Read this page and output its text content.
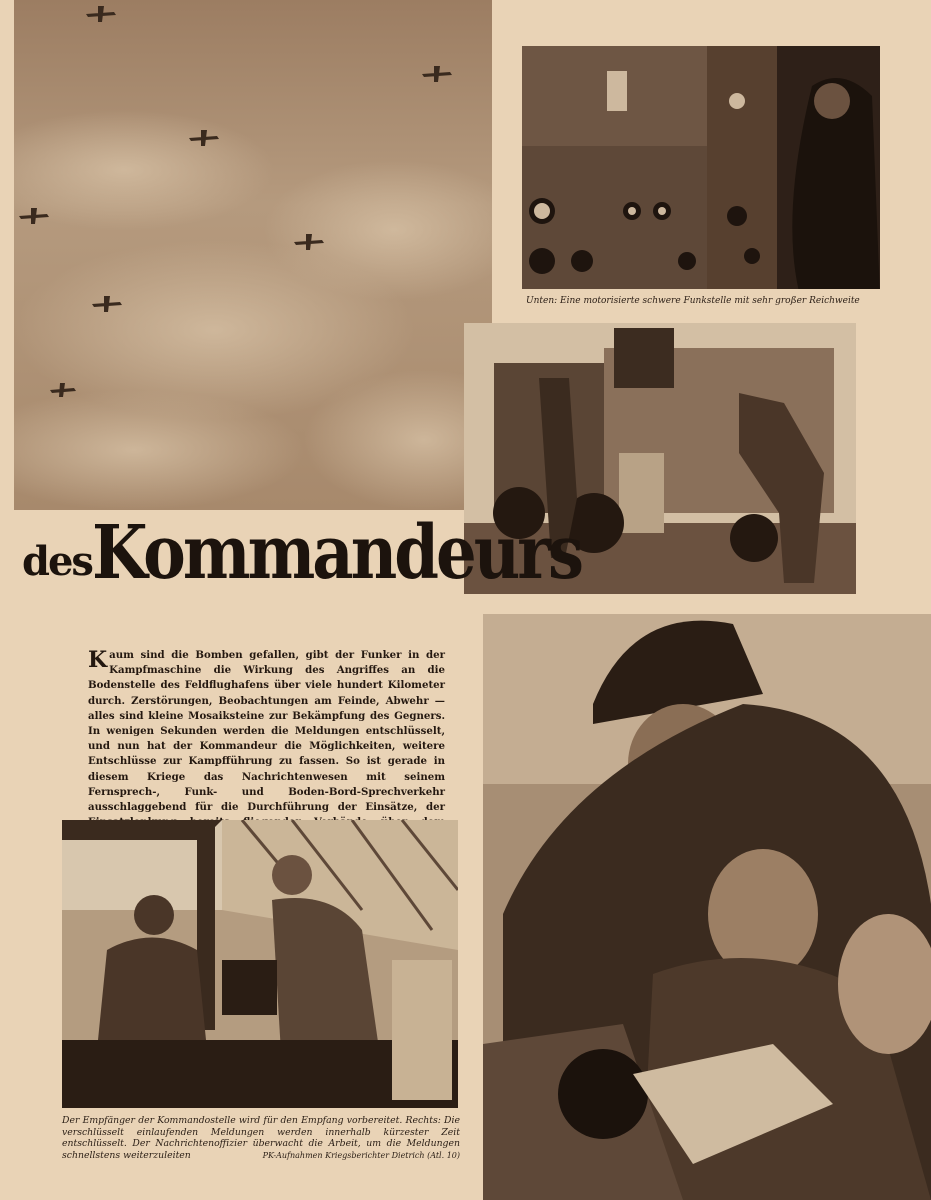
Unten: Eine motorisierte schwere Funkstelle mit sehr großer Reichweite
desKommandeurs
Kaum sind die Bomben gefallen, gibt der Funker in der Kampfmaschine die Wirkung des Angriffes an die Bodenstelle des Feldflughafens über viele hundert Kilometer durch. Zerstörungen, Beobachtungen am Feinde, Abwehr — alles sind kleine Mosaiksteine zur Bekämpfung des Gegners. In wenigen Sekunden werden die Meldungen entschlüsselt, und nun hat der Kommandeur die Möglichkeiten, weitere Entschlüsse zur Kampfführung zu fassen. So ist gerade in diesem Kriege das Nachrichtenwesen mit seinem Fernsprech-, Funk- und Boden-Bord-Sprechverkehr ausschlaggebend für die Durchführung der Einsätze, der
Der Empfänger der Kommandostelle wird für den Empfang vorbereitet. Rechts: Die verschlüsselt einlaufenden Meldungen werden innerhalb kürzester Zeit entschlüsselt. Der Nachrichtenoffizier überwacht die Arbeit, um die Meldungen schnellstens weiterzuleiten	PK-Aufnahmen Kriegsberichter Dietrich (Atl. 10)
